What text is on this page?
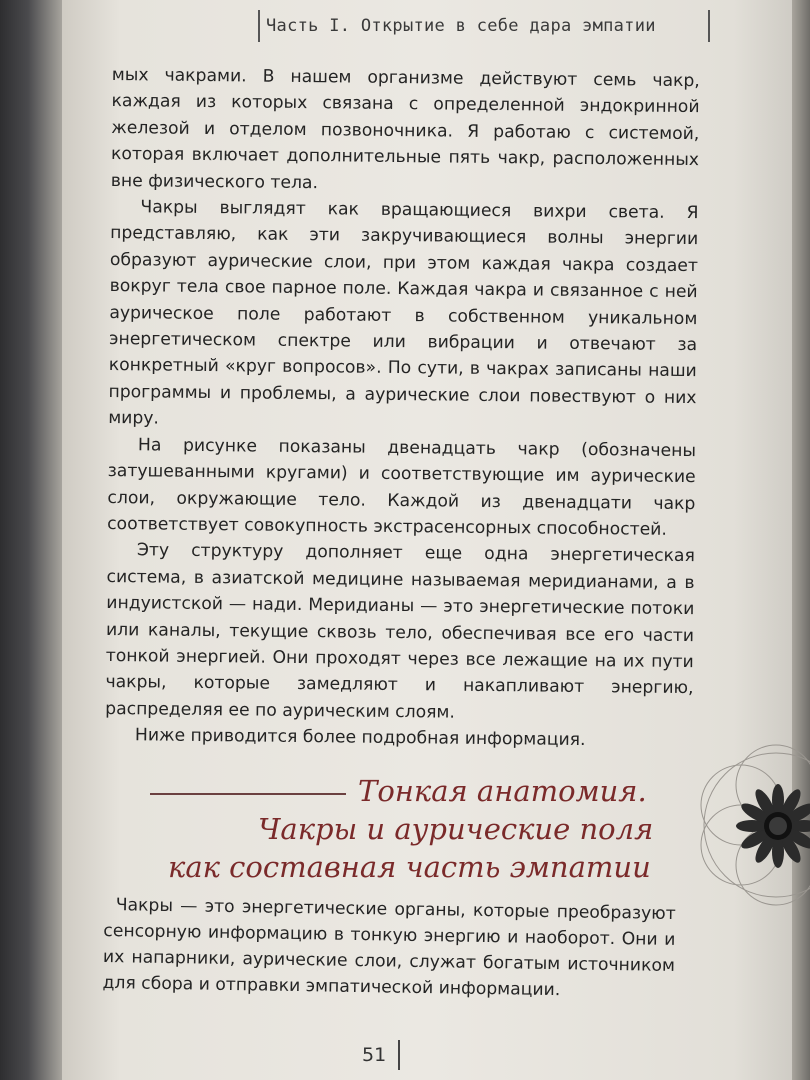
Часть I. Открытие в себе дара эмпатии

мых чакрами. В нашем организме действуют семь чакр, каждая из которых связана с определенной эндокринной железой и отделом позвоночника. Я работаю с системой, которая включает дополнительные пять чакр, расположенных вне физического тела.

Чакры выглядят как вращающиеся вихри света. Я представляю, как эти закручивающиеся волны энергии образуют аурические слои, при этом каждая чакра создает вокруг тела свое парное поле. Каждая чакра и связанное с ней аурическое поле работают в собственном уникальном энергетическом спектре или вибрации и отвечают за конкретный «круг вопросов». По сути, в чакрах записаны наши программы и проблемы, а аурические слои повествуют о них миру.

На рисунке показаны двенадцать чакр (обозначены затушеванными кругами) и соответствующие им аурические слои, окружающие тело. Каждой из двенадцати чакр соответствует совокупность экстрасенсорных способностей.

Эту структуру дополняет еще одна энергетическая система, в азиатской медицине называемая меридианами, а в индуистской — нади. Меридианы — это энергетические потоки или каналы, текущие сквозь тело, обеспечивая все его части тонкой энергией. Они проходят через все лежащие на их пути чакры, которые замедляют и накапливают энергию, распределяя ее по аурическим слоям.

Ниже приводится более подробная информация.

Тонкая анатомия.
Чакры и аурические поля
как составная часть эмпатии

Чакры — это энергетические органы, которые преобразуют сенсорную информацию в тонкую энергию и наоборот. Они и их напарники, аурические слои, служат богатым источником для сбора и отправки эмпатической информации.

51
